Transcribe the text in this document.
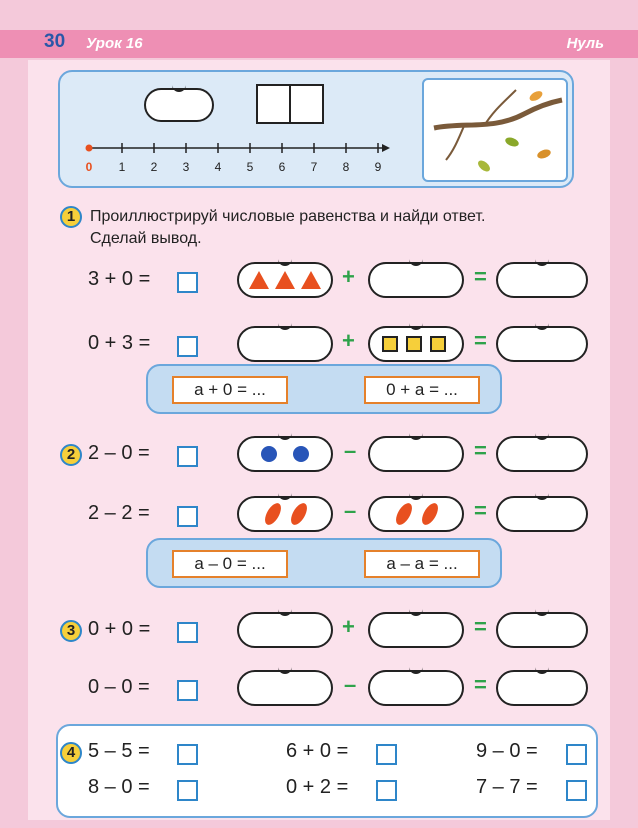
30 Урок 16	Нуль
0	1	2	3	4	5	6	7	8	9
1 Проиллюстрируй числовые равенства и найди ответ.
Сделай вывод.
3 + 0 =	+	=
0 + 3 =	+	=
a + 0 = ...	0 + a = ...
2 2 – 0 =	–	=
2 – 2 =	–	=
a – 0 = ...	a – a = ...
3 0 + 0 =	+	=
0 – 0 =	–	=
4 5 – 5 =	6 + 0 =	9 – 0 =
8 – 0 =	0 + 2 =	7 – 7 =
